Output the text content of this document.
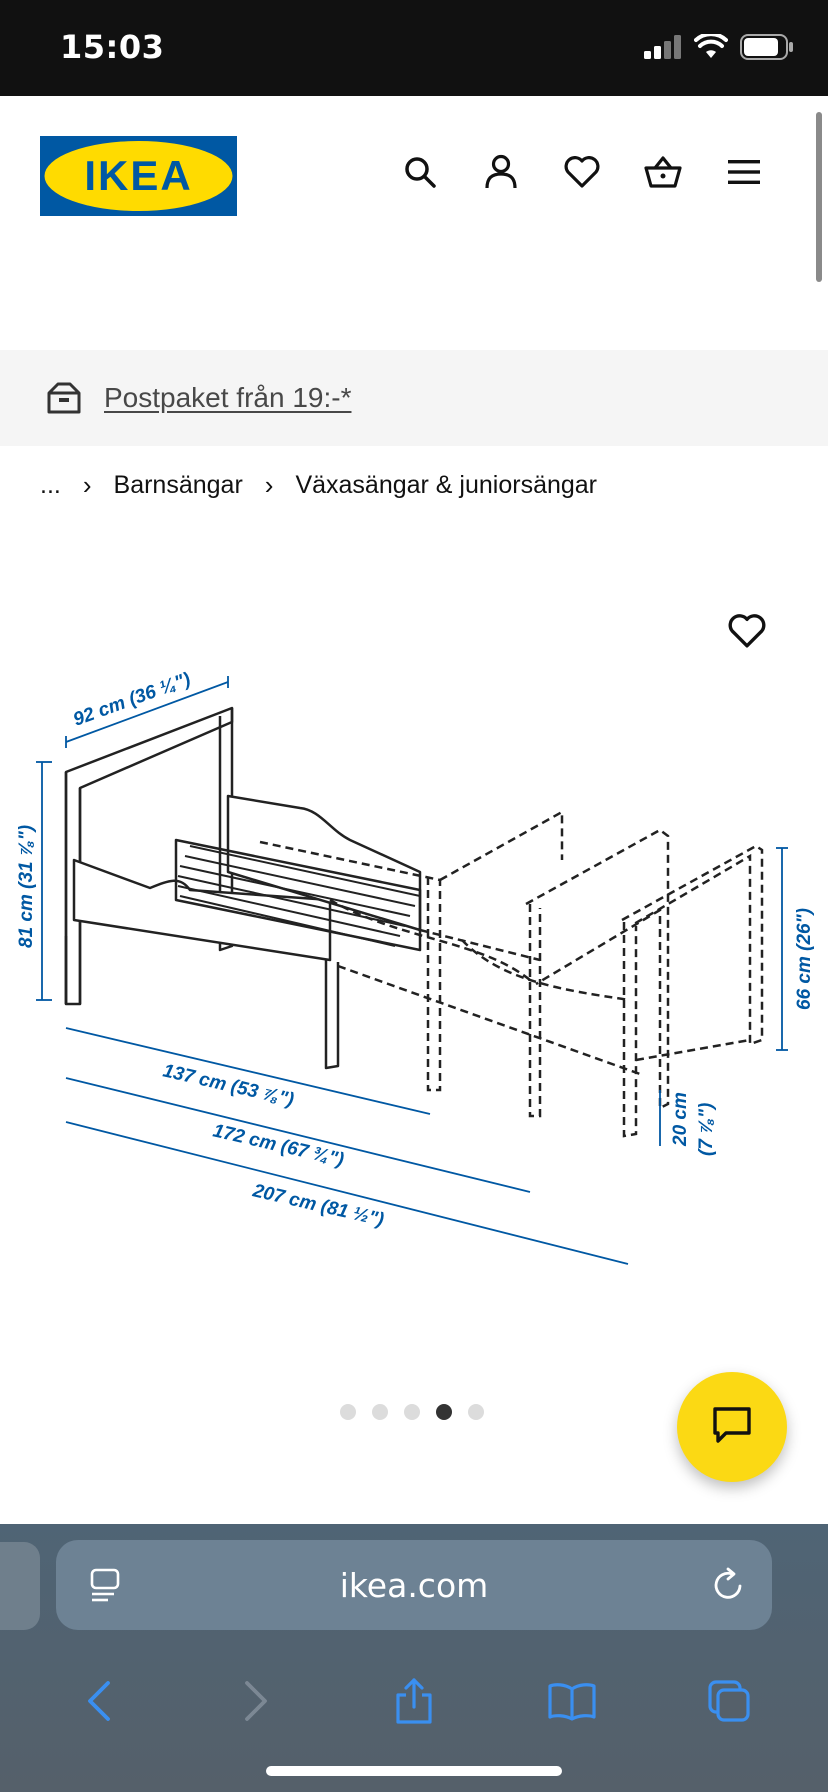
15:03
IKEA
Postpaket från 19:-*
... › Barnsängar › Växasängar & juniorsängar
92 cm (36 ¼")
81 cm (31 ⅞")
66 cm (26")
137 cm (53 ⅞")
172 cm (67 ¾")
207 cm (81 ½")
20 cm (7 ⅞")
ikea.com
